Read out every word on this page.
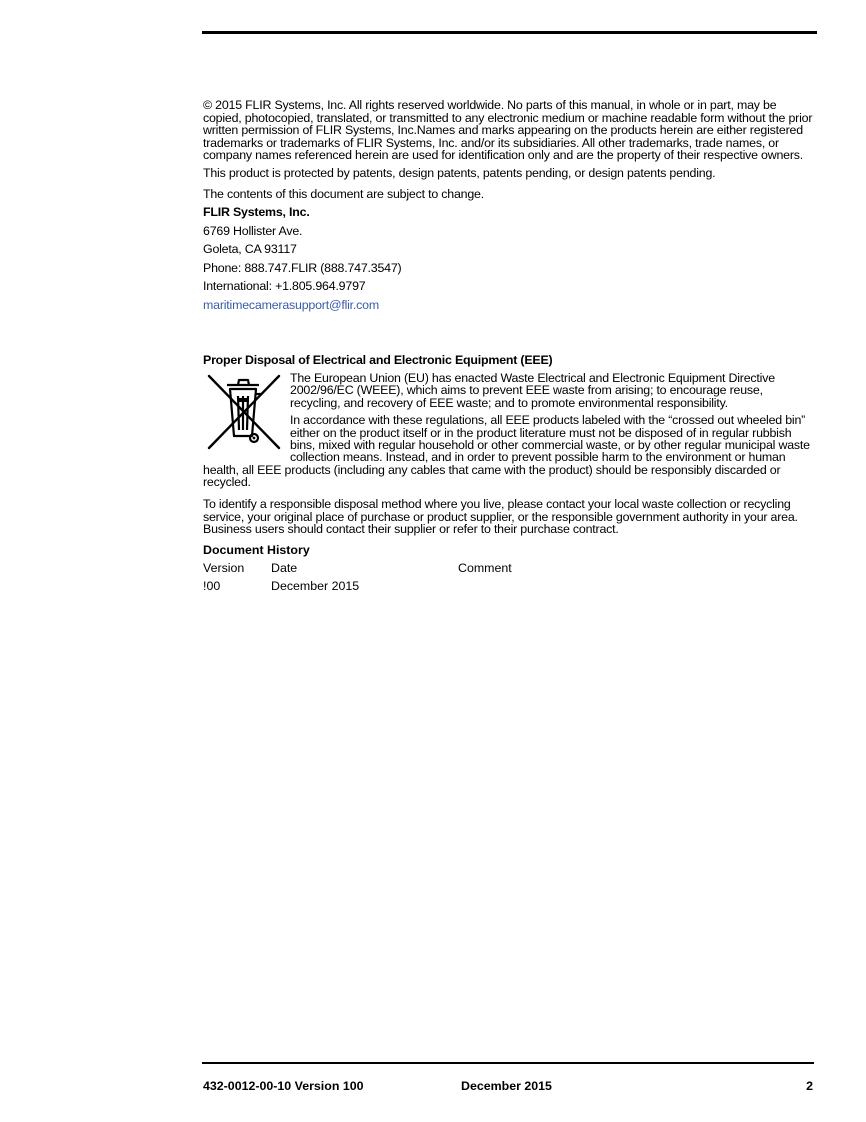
© 2015 FLIR Systems, Inc. All rights reserved worldwide. No parts of this manual, in whole or in part, may be copied, photocopied, translated, or transmitted to any electronic medium or machine readable form without the prior written permission of FLIR Systems, Inc.Names and marks appearing on the products herein are either registered trademarks or trademarks of FLIR Systems, Inc. and/or its subsidiaries. All other trademarks, trade names, or company names referenced herein are used for identification only and are the property of their respective owners.

This product is protected by patents, design patents, patents pending, or design patents pending.

The contents of this document are subject to change.

FLIR Systems, Inc.

6769 Hollister Ave.

Goleta, CA 93117

Phone: 888.747.FLIR (888.747.3547)

International: +1.805.964.9797

maritimecamerasupport@flir.com

Proper Disposal of Electrical and Electronic Equipment (EEE)

The European Union (EU) has enacted Waste Electrical and Electronic Equipment Directive 2002/96/EC (WEEE), which aims to prevent EEE waste from arising; to encourage reuse, recycling, and recovery of EEE waste; and to promote environmental responsibility.

In accordance with these regulations, all EEE products labeled with the “crossed out wheeled bin” either on the product itself or in the product literature must not be disposed of in regular rubbish bins, mixed with regular household or other commercial waste, or by other regular municipal waste collection means. Instead, and in order to prevent possible harm to the environment or human health, all EEE products (including any cables that came with the product) should be responsibly discarded or recycled.

To identify a responsible disposal method where you live, please contact your local waste collection or recycling service, your original place of purchase or product supplier, or the responsible government authority in your area. Business users should contact their supplier or refer to their purchase contract.

Document History

Version Date	Comment
!00	December 2015
432-0012-00-10 Version 100	December 2015	2
